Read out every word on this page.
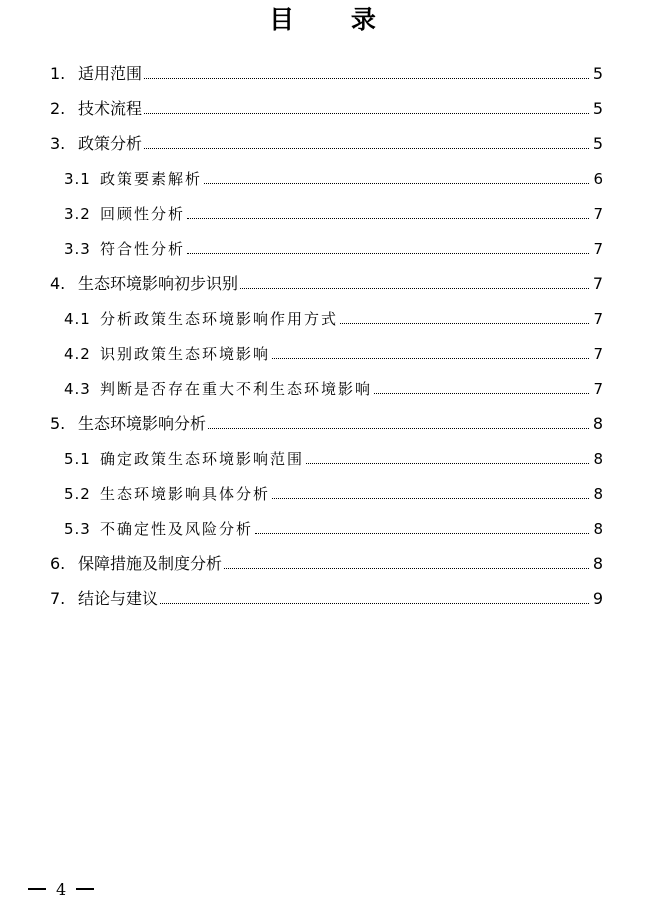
目 录
1. 适用范围	5
2. 技术流程	5
3. 政策分析	5
3.1 政策要素解析	6
3.2 回顾性分析	7
3.3 符合性分析	7
4. 生态环境影响初步识别	7
4.1 分析政策生态环境影响作用方式	7
4.2 识别政策生态环境影响	7
4.3 判断是否存在重大不利生态环境影响	7
5. 生态环境影响分析	8
5.1 确定政策生态环境影响范围	8
5.2 生态环境影响具体分析	8
5.3 不确定性及风险分析	8
6. 保障措施及制度分析	8
7. 结论与建议	9
4
